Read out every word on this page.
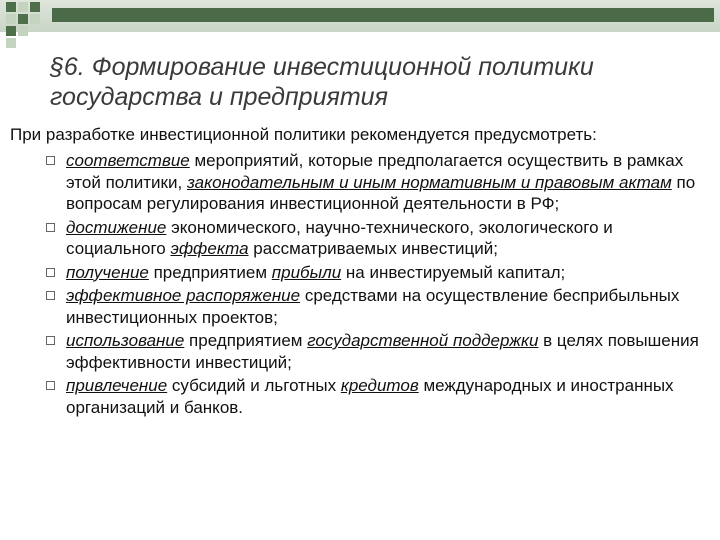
§6. Формирование инвестиционной политики
государства и предприятия
При разработке инвестиционной политики рекомендуется предусмотреть:
соответствие мероприятий, которые предполагается осуществить в рамках этой политики, законодательным и иным нормативным и правовым актам по вопросам регулирования инвестиционной деятельности в РФ;
достижение экономического, научно-технического, экологического и социального эффекта рассматриваемых инвестиций;
получение предприятием прибыли на инвестируемый капитал;
эффективное распоряжение средствами на осуществление бесприбыльных инвестиционных проектов;
использование предприятием государственной поддержки в целях повышения эффективности инвестиций;
привлечение субсидий и льготных кредитов международных и иностранных организаций и банков.
